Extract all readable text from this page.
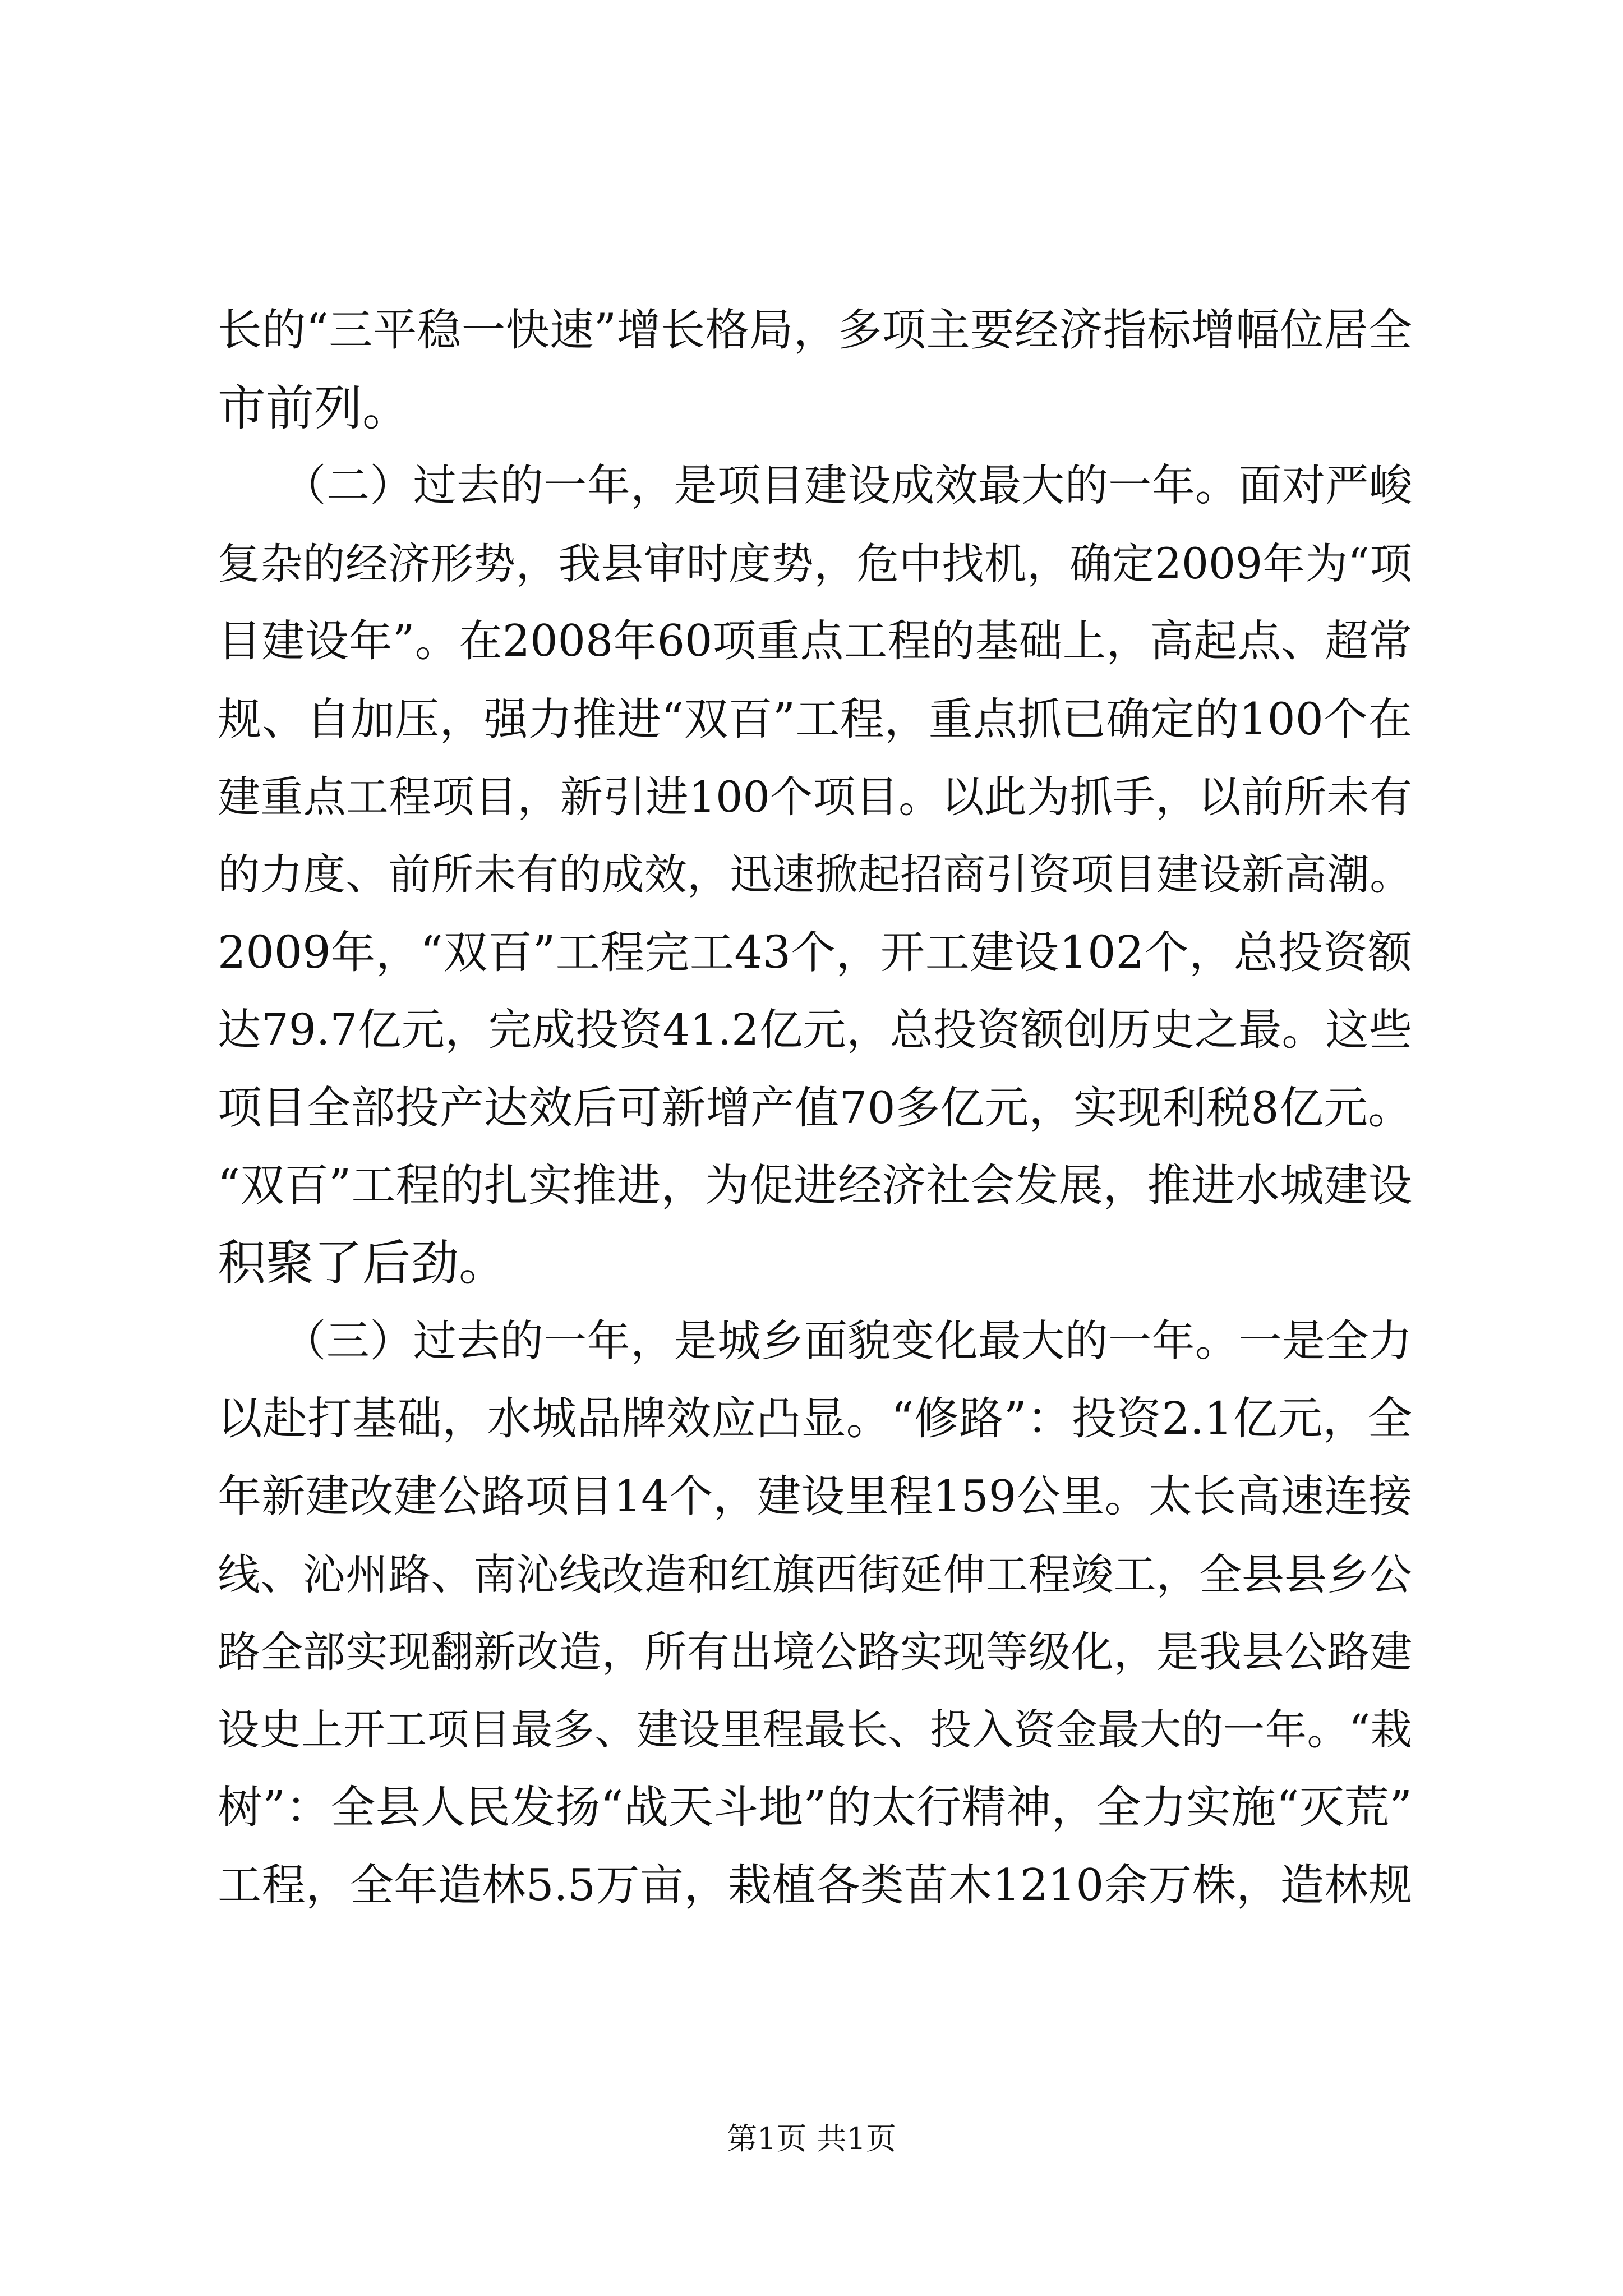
长的“三平稳一快速”增长格局，多项主要经济指标增幅位居全
市前列。
　　（二）过去的一年，是项目建设成效最大的一年。面对严峻
复杂的经济形势，我县审时度势，危中找机，确定2009年为“项
目建设年”。在2008年60项重点工程的基础上，高起点、超常
规、自加压，强力推进“双百”工程，重点抓已确定的100个在
建重点工程项目，新引进100个项目。以此为抓手，以前所未有
的力度、前所未有的成效，迅速掀起招商引资项目建设新高潮。
2009年，“双百”工程完工43个，开工建设102个，总投资额
达79.7亿元，完成投资41.2亿元，总投资额创历史之最。这些
项目全部投产达效后可新增产值70多亿元，实现利税8亿元。
“双百”工程的扎实推进，为促进经济社会发展，推进水城建设
积聚了后劲。
　　（三）过去的一年，是城乡面貌变化最大的一年。一是全力
以赴打基础，水城品牌效应凸显。“修路”：投资2.1亿元，全
年新建改建公路项目14个，建设里程159公里。太长高速连接
线、沁州路、南沁线改造和红旗西街延伸工程竣工，全县县乡公
路全部实现翻新改造，所有出境公路实现等级化，是我县公路建
设史上开工项目最多、建设里程最长、投入资金最大的一年。“栽
树”：全县人民发扬“战天斗地”的太行精神，全力实施“灭荒”
工程，全年造林5.5万亩，栽植各类苗木1210余万株，造林规
第1页 共1页
